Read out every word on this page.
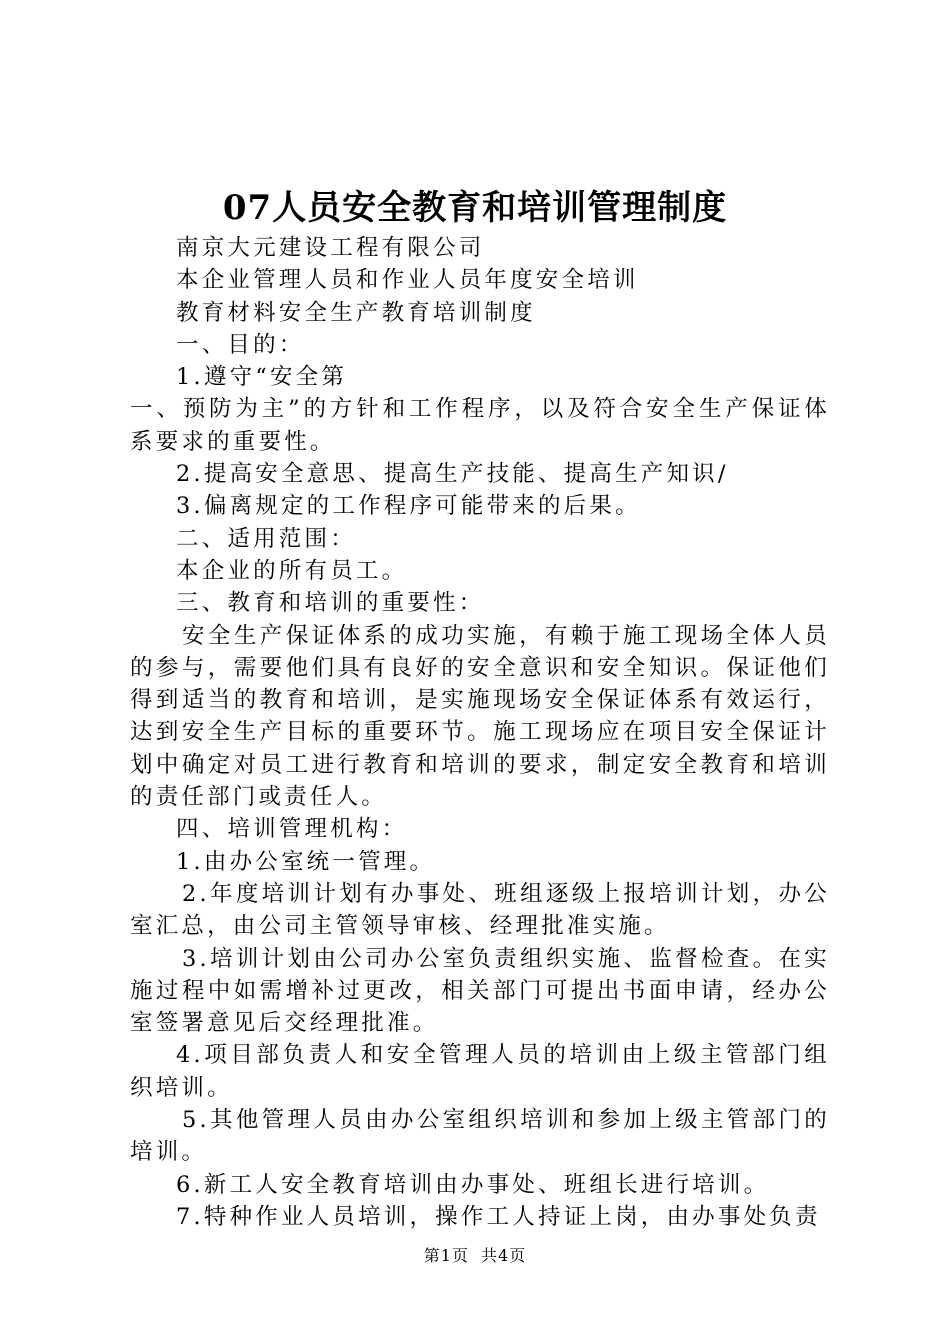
07人员安全教育和培训管理制度

南京大元建设工程有限公司

本企业管理人员和作业人员年度安全培训

教育材料安全生产教育培训制度

一、目的：

1.遵守“安全第

一、预防为主”的方针和工作程序，以及符合安全生产保证体系要求的重要性。

2.提高安全意思、提高生产技能、提高生产知识/

3.偏离规定的工作程序可能带来的后果。

二、适用范围：

本企业的所有员工。

三、教育和培训的重要性：

安全生产保证体系的成功实施，有赖于施工现场全体人员的参与，需要他们具有良好的安全意识和安全知识。保证他们得到适当的教育和培训，是实施现场安全保证体系有效运行，达到安全生产目标的重要环节。施工现场应在项目安全保证计划中确定对员工进行教育和培训的要求，制定安全教育和培训的责任部门或责任人。

四、培训管理机构：

1.由办公室统一管理。

2.年度培训计划有办事处、班组逐级上报培训计划，办公室汇总，由公司主管领导审核、经理批准实施。

3.培训计划由公司办公室负责组织实施、监督检查。在实施过程中如需增补过更改，相关部门可提出书面申请，经办公室签署意见后交经理批准。

4.项目部负责人和安全管理人员的培训由上级主管部门组织培训。

5.其他管理人员由办公室组织培训和参加上级主管部门的培训。

6.新工人安全教育培训由办事处、班组长进行培训。

7.特种作业人员培训，操作工人持证上岗，由办事处负责

第1页 共4页
